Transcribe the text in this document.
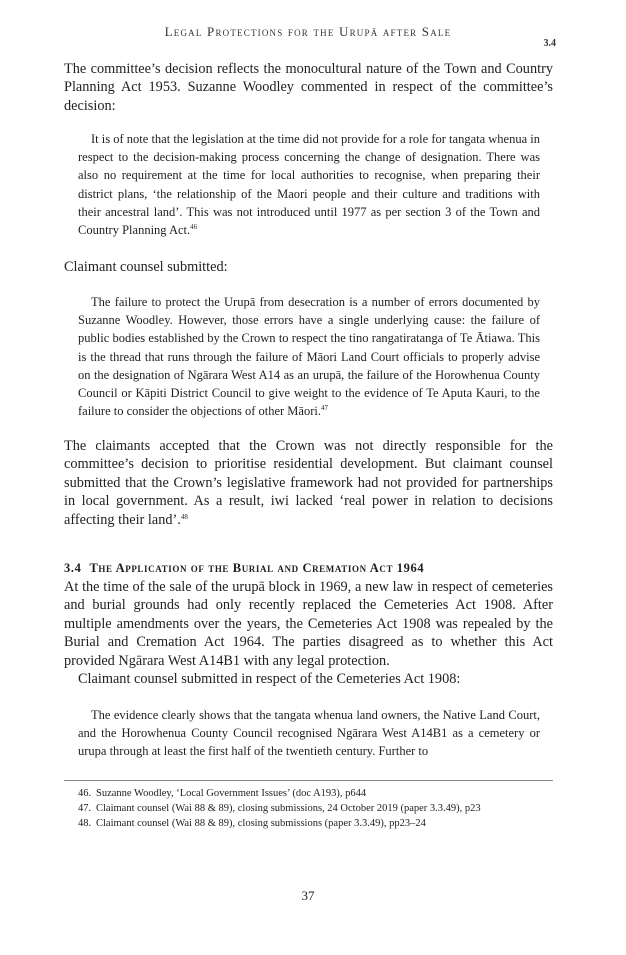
Legal Protections for the Urupā after Sale
3.4

The committee’s decision reflects the monocultural nature of the Town and Country Planning Act 1953. Suzanne Woodley commented in respect of the committee’s decision:

It is of note that the legislation at the time did not provide for a role for tangata whenua in respect to the decision-making process concerning the change of designation. There was also no requirement at the time for local authorities to recognise, when preparing their district plans, ‘the relationship of the Maori people and their culture and traditions with their ancestral land’. This was not introduced until 1977 as per section 3 of the Town and Country Planning Act.$^{46}$

Claimant counsel submitted:

The failure to protect the Urupā from desecration is a number of errors documented by Suzanne Woodley. However, those errors have a single underlying cause: the failure of public bodies established by the Crown to respect the tino rangatiratanga of Te Ātiawa. This is the thread that runs through the failure of Māori Land Court officials to properly advise on the designation of Ngārara West A14 as an urupā, the failure of the Horowhenua County Council or Kāpiti District Council to give weight to the evidence of Te Aputa Kauri, to the failure to consider the objections of other Māori.$^{47}$

The claimants accepted that the Crown was not directly responsible for the committee’s decision to prioritise residential development. But claimant counsel submitted that the Crown’s legislative framework had not provided for partnerships in local government. As a result, iwi lacked ‘real power in relation to decisions affecting their land’.$^{48}$

3.4 The Application of the Burial and Cremation Act 1964

At the time of the sale of the urupā block in 1969, a new law in respect of cemeteries and burial grounds had only recently replaced the Cemeteries Act 1908. After multiple amendments over the years, the Cemeteries Act 1908 was repealed by the Burial and Cremation Act 1964. The parties disagreed as to whether this Act provided Ngārara West A14B1 with any legal protection.

Claimant counsel submitted in respect of the Cemeteries Act 1908:

The evidence clearly shows that the tangata whenua land owners, the Native Land Court, and the Horowhenua County Council recognised Ngārara West A14B1 as a cemetery or urupa through at least the first half of the twentieth century. Further to

46. Suzanne Woodley, ‘Local Government Issues’ (doc A193), p644
47. Claimant counsel (Wai 88 & 89), closing submissions, 24 October 2019 (paper 3.3.49), p23
48. Claimant counsel (Wai 88 & 89), closing submissions (paper 3.3.49), pp23–24
37
